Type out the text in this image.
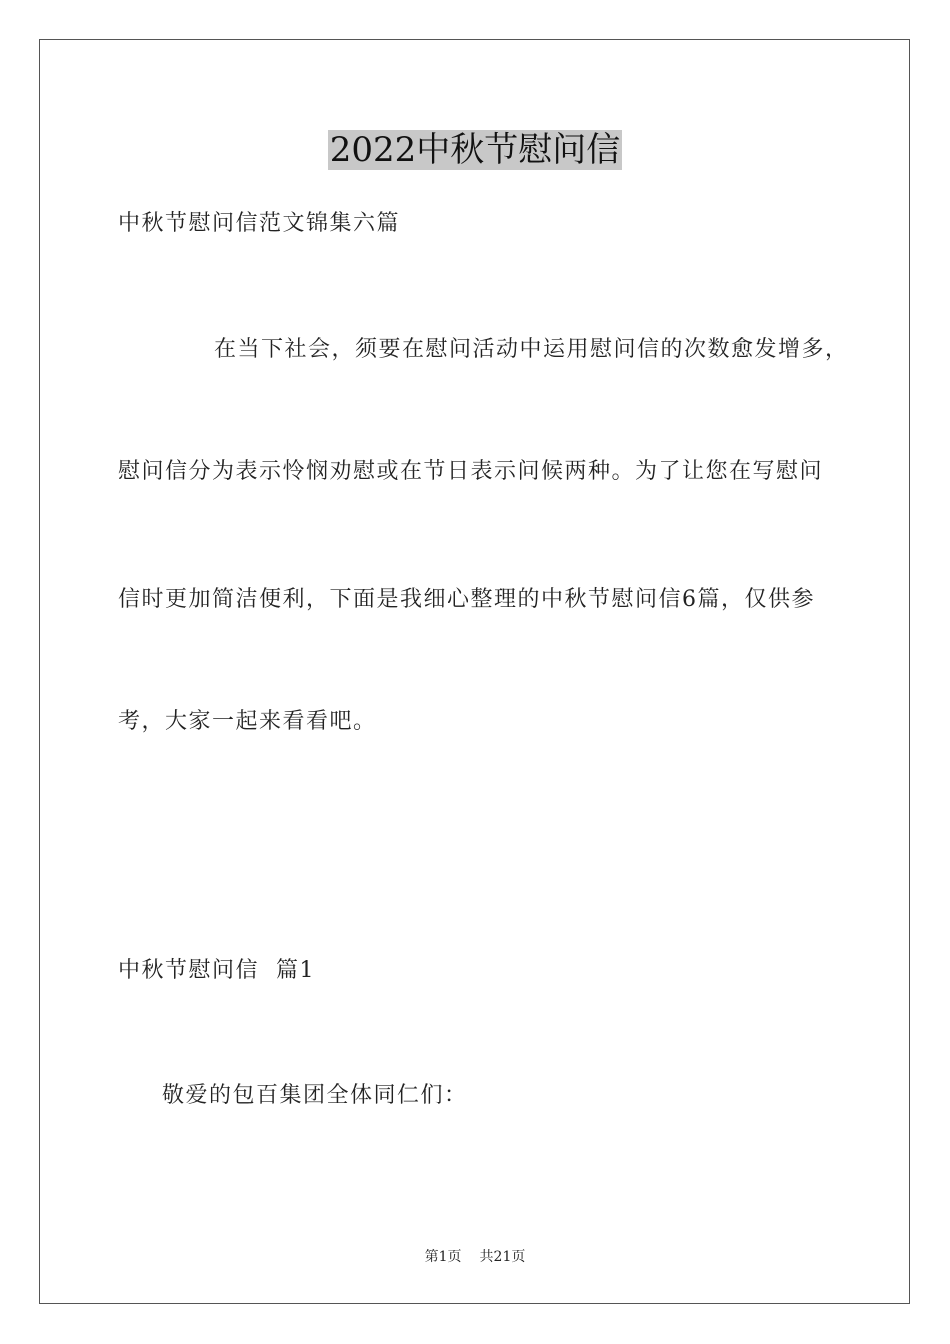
2022中秋节慰问信
中秋节慰问信范文锦集六篇
在当下社会，须要在慰问活动中运用慰问信的次数愈发增多，
慰问信分为表示怜悯劝慰或在节日表示问候两种。为了让您在写慰问
信时更加简洁便利，下面是我细心整理的中秋节慰问信6篇，仅供参
考，大家一起来看看吧。
中秋节慰问信  篇1
敬爱的包百集团全体同仁们：
第1页 共21页
